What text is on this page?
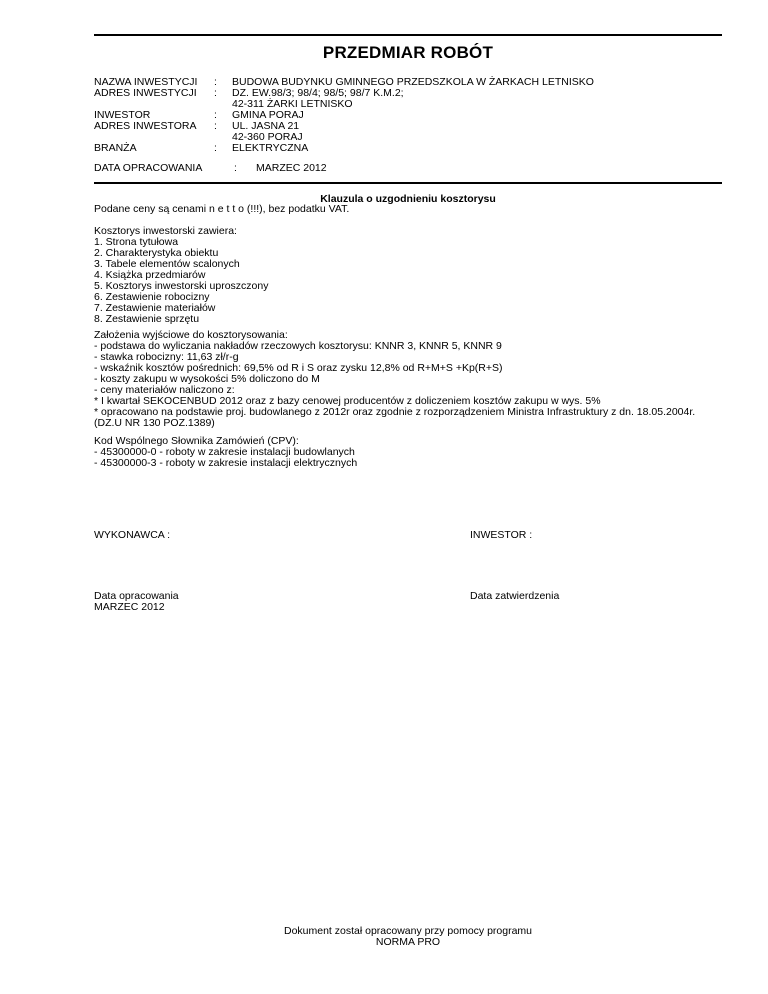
PRZEDMIAR ROBÓT
NAZWA INWESTYCJI	: BUDOWA BUDYNKU GMINNEGO PRZEDSZKOLA W ŻARKACH LETNISKO
ADRES INWESTYCJI	: DZ. EW.98/3; 98/4; 98/5; 98/7 K.M.2;
42-311 ŻARKI LETNISKO
INWESTOR	: GMINA PORAJ
ADRES INWESTORA	: UL. JASNA 21
42-360 PORAJ
BRANŻA	: ELEKTRYCZNA
DATA OPRACOWANIA	: MARZEC 2012
Klauzula o uzgodnieniu kosztorysu
Podane ceny są cenami n e t t o (!!!), bez podatku VAT.
Kosztorys inwestorski zawiera:
1. Strona tytułowa
2. Charakterystyka obiektu
3. Tabele elementów scalonych
4. Książka przedmiarów
5. Kosztorys inwestorski uproszczony
6. Zestawienie robocizny
7. Zestawienie materiałów
8. Zestawienie sprzętu
Założenia wyjściowe do kosztorysowania:
- podstawa do wyliczania nakładów rzeczowych kosztorysu: KNNR 3, KNNR 5, KNNR 9
- stawka robocizny: 11,63 zł/r-g
- wskaźnik kosztów pośrednich: 69,5% od R i S oraz zysku 12,8% od R+M+S +Kp(R+S)
- koszty zakupu w wysokości 5% doliczono do M
- ceny materiałów naliczono z:
* I kwartał SEKOCENBUD 2012 oraz z bazy cenowej producentów z doliczeniem kosztów zakupu w wys. 5%
* opracowano na podstawie proj. budowlanego z 2012r oraz zgodnie z rozporządzeniem Ministra Infrastruktury z dn. 18.05.2004r. (DZ.U NR 130 POZ.1389)
Kod Wspólnego Słownika Zamówień (CPV):
- 45300000-0 - roboty w zakresie instalacji budowlanych
- 45300000-3 - roboty w zakresie instalacji elektrycznych
WYKONAWCA :	INWESTOR :
Data opracowania
MARZEC 2012
Data zatwierdzenia
Dokument został opracowany przy pomocy programu
NORMA PRO
